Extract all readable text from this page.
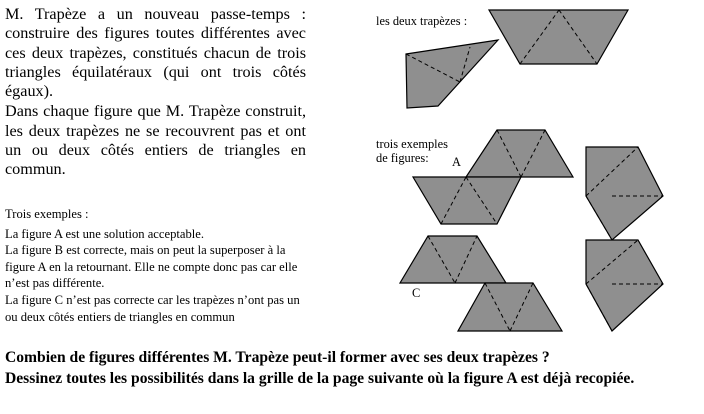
M. Trapèze a un nouveau passe-temps : construire des figures toutes différentes avec ces deux trapèzes, constitués chacun de trois triangles équilatéraux (qui ont trois côtés égaux).

Dans chaque figure que M. Trapèze construit, les deux trapèzes ne se recouvrent pas et ont un ou deux côtés entiers de triangles en commun.

Trois exemples :

La figure A est une solution acceptable.

La figure B est correcte, mais on peut la superposer à la figure A en la retournant. Elle ne compte donc pas car elle n’est pas différente.

La figure C n’est pas correcte car les trapèzes n’ont pas un ou deux côtés entiers de triangles en commun

les deux trapèzes :
trois exemples
de figures: A
C

Combien de figures différentes M. Trapèze peut-il former avec ses deux trapèzes ?

Dessinez toutes les possibilités dans la grille de la page suivante où la figure A est déjà recopiée.
